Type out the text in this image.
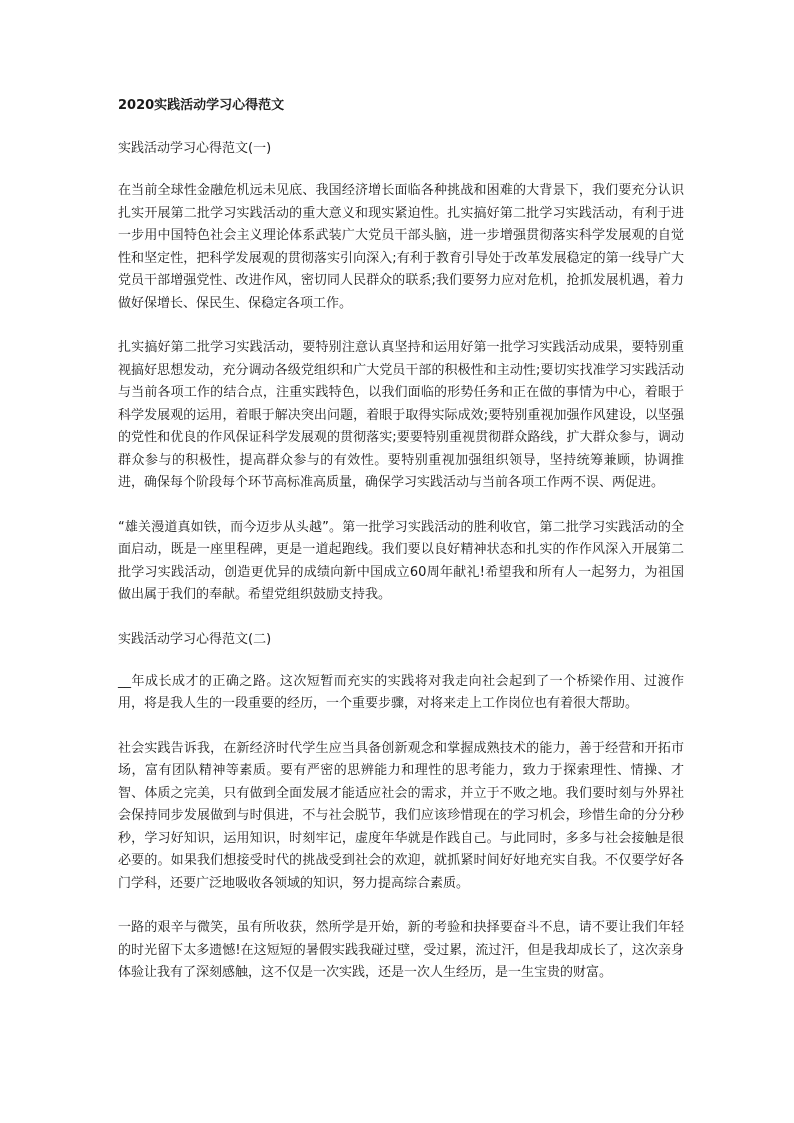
2020实践活动学习心得范文
实践活动学习心得范文(一)

在当前全球性金融危机远未见底、我国经济增长面临各种挑战和困难的大背景下，我们要充分认识扎实开展第二批学习实践活动的重大意义和现实紧迫性。扎实搞好第二批学习实践活动，有利于进一步用中国特色社会主义理论体系武装广大党员干部头脑，进一步增强贯彻落实科学发展观的自觉性和坚定性，把科学发展观的贯彻落实引向深入;有利于教育引导处于改革发展稳定的第一线导广大党员干部增强党性、改进作风，密切同人民群众的联系;我们要努力应对危机，抢抓发展机遇，着力做好保增长、保民生、保稳定各项工作。

扎实搞好第二批学习实践活动，要特别注意认真坚持和运用好第一批学习实践活动成果，要特别重视搞好思想发动，充分调动各级党组织和广大党员干部的积极性和主动性;要切实找准学习实践活动与当前各项工作的结合点，注重实践特色，以我们面临的形势任务和正在做的事情为中心，着眼于科学发展观的运用，着眼于解决突出问题，着眼于取得实际成效;要特别重视加强作风建设，以坚强的党性和优良的作风保证科学发展观的贯彻落实;要要特别重视贯彻群众路线，扩大群众参与，调动群众参与的积极性，提高群众参与的有效性。要特别重视加强组织领导，坚持统筹兼顾，协调推进，确保每个阶段每个环节高标准高质量，确保学习实践活动与当前各项工作两不误、两促进。

“雄关漫道真如铁，而今迈步从头越”。第一批学习实践活动的胜利收官，第二批学习实践活动的全面启动，既是一座里程碑，更是一道起跑线。我们要以良好精神状态和扎实的作作风深入开展第二批学习实践活动，创造更优异的成绩向新中国成立60周年献礼!希望我和所有人一起努力，为祖国做出属于我们的奉献。希望党组织鼓励支持我。

实践活动学习心得范文(二)

__年成长成才的正确之路。这次短暂而充实的实践将对我走向社会起到了一个桥梁作用、过渡作用，将是我人生的一段重要的经历，一个重要步骤，对将来走上工作岗位也有着很大帮助。

社会实践告诉我，在新经济时代学生应当具备创新观念和掌握成熟技术的能力，善于经营和开拓市场，富有团队精神等素质。要有严密的思辨能力和理性的思考能力，致力于探索理性、情操、才智、体质之完美，只有做到全面发展才能适应社会的需求，并立于不败之地。我们要时刻与外界社会保持同步发展做到与时俱进，不与社会脱节，我们应该珍惜现在的学习机会，珍惜生命的分分秒秒，学习好知识，运用知识，时刻牢记，虚度年华就是作践自己。与此同时，多多与社会接触是很必要的。如果我们想接受时代的挑战受到社会的欢迎，就抓紧时间好好地充实自我。不仅要学好各门学科，还要广泛地吸收各领域的知识，努力提高综合素质。

一路的艰辛与微笑，虽有所收获，然所学是开始，新的考验和抉择要奋斗不息，请不要让我们年轻的时光留下太多遗憾!在这短短的暑假实践我碰过壁，受过累，流过汗，但是我却成长了，这次亲身体验让我有了深刻感触，这不仅是一次实践，还是一次人生经历，是一生宝贵的财富。
